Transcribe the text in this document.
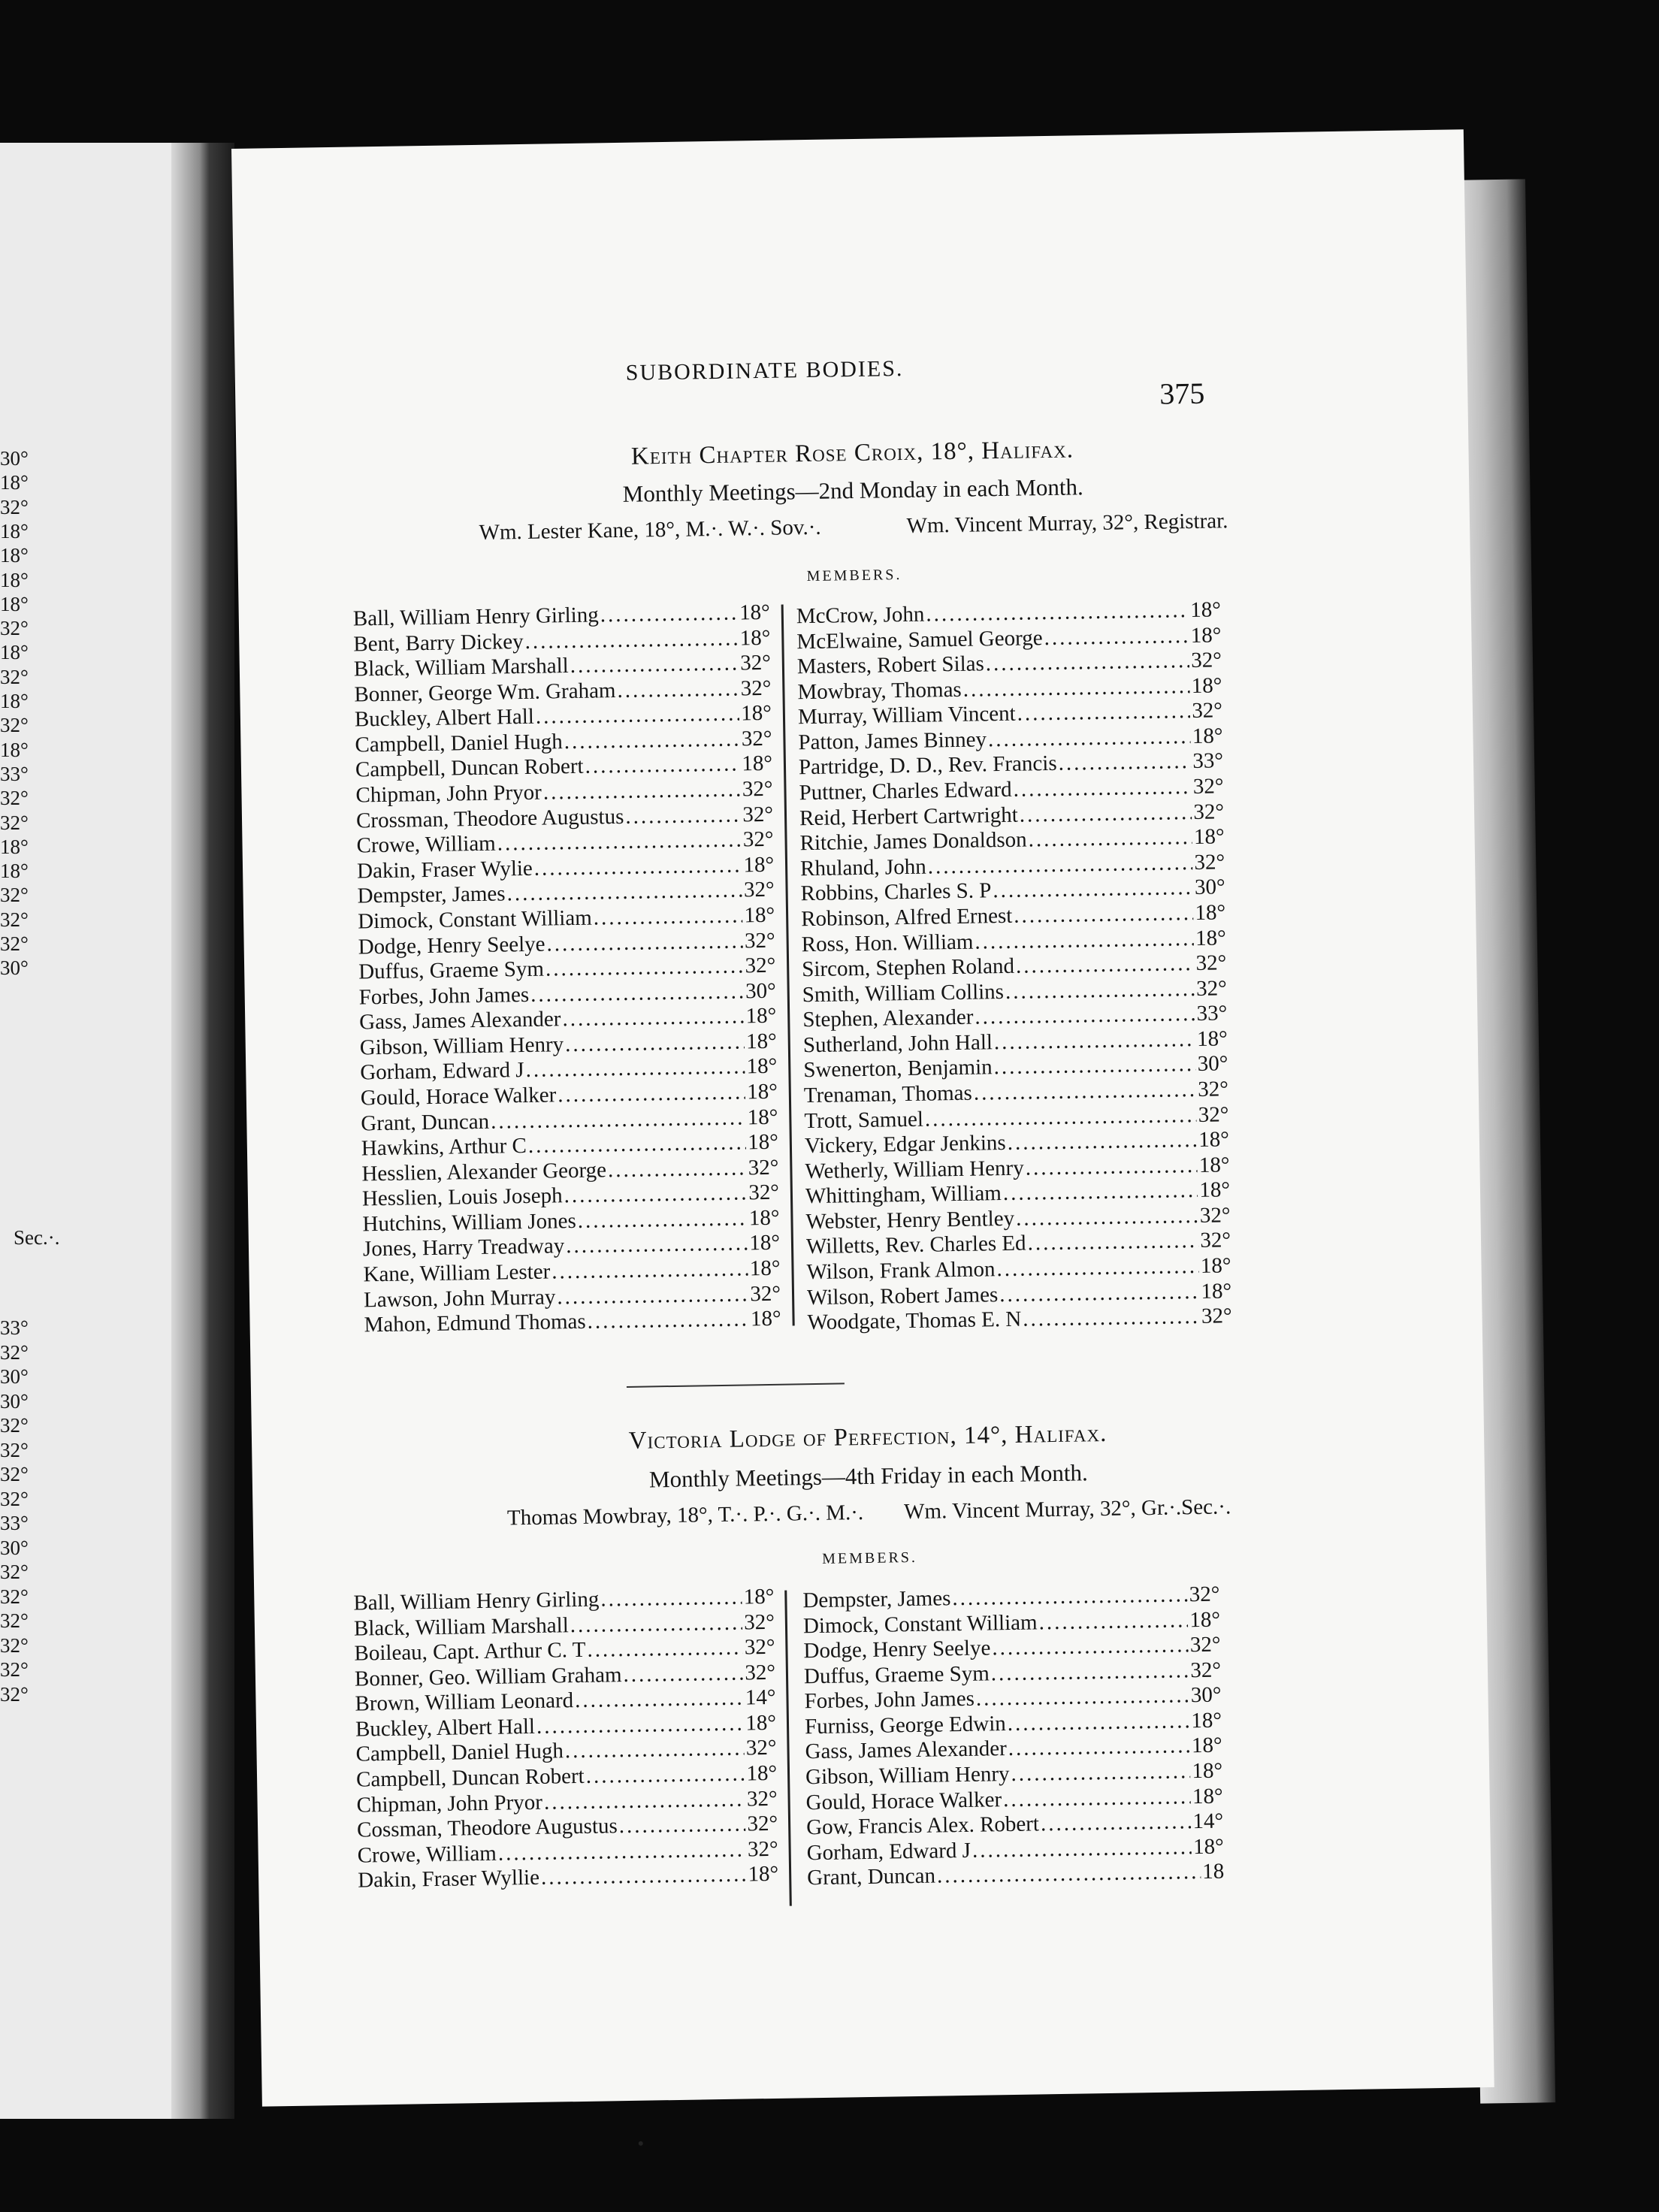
30°
18°
32°
18°
18°
18°
18°
32°
18°
32°
18°
32°
18°
33°
32°
32°
18°
18°
32°
32°
32°
30°
Sec.·.
33°
32°
30°
30°
32°
32°
32°
32°
33°
30°
32°
32°
32°
32°
32°
32°
SUBORDINATE BODIES.
375
Keith Chapter Rose Croix, 18°, Halifax.
Monthly Meetings—2nd Monday in each Month.
Wm. Lester Kane, 18°, M.·. W.·. Sov.·.	Wm. Vincent Murray, 32°, Registrar.
MEMBERS.
Ball, William Henry Girling .....	18°
Bent, Barry Dickey .....	18°
Black, William Marshall .....	32°
Bonner, George Wm. Graham .....	32°
Buckley, Albert Hall .....	18°
Campbell, Daniel Hugh .....	32°
Campbell, Duncan Robert .....	18°
Chipman, John Pryor .....	32°
Crossman, Theodore Augustus .....	32°
Crowe, William .....	32°
Dakin, Fraser Wylie .....	18°
Dempster, James .....	32°
Dimock, Constant William .....	18°
Dodge, Henry Seelye .....	32°
Duffus, Graeme Sym .....	32°
Forbes, John James .....	30°
Gass, James Alexander .....	18°
Gibson, William Henry .....	18°
Gorham, Edward J .....	18°
Gould, Horace Walker .....	18°
Grant, Duncan .....	18°
Hawkins, Arthur C .....	18°
Hesslien, Alexander George .....	32°
Hesslien, Louis Joseph .....	32°
Hutchins, William Jones .....	18°
Jones, Harry Treadway .....	18°
Kane, William Lester .....	18°
Lawson, John Murray .....	32°
Mahon, Edmund Thomas .....	18°
McCrow, John .....	18°
McElwaine, Samuel George .....	18°
Masters, Robert Silas .....	32°
Mowbray, Thomas .....	18°
Murray, William Vincent .....	32°
Patton, James Binney .....	18°
Partridge, D. D., Rev. Francis .....	33°
Puttner, Charles Edward .....	32°
Reid, Herbert Cartwright .....	32°
Ritchie, James Donaldson .....	18°
Rhuland, John .....	32°
Robbins, Charles S. P .....	30°
Robinson, Alfred Ernest .....	18°
Ross, Hon. William .....	18°
Sircom, Stephen Roland .....	32°
Smith, William Collins .....	32°
Stephen, Alexander .....	33°
Sutherland, John Hall .....	18°
Swenerton, Benjamin .....	30°
Trenaman, Thomas .....	32°
Trott, Samuel .....	32°
Vickery, Edgar Jenkins .....	18°
Wetherly, William Henry .....	18°
Whittingham, William .....	18°
Webster, Henry Bentley .....	32°
Willetts, Rev. Charles Ed .....	32°
Wilson, Frank Almon .....	18°
Wilson, Robert James .....	18°
Woodgate, Thomas E. N .....	32°
Victoria Lodge of Perfection, 14°, Halifax.
Monthly Meetings—4th Friday in each Month.
Thomas Mowbray, 18°, T.·. P.·. G.·. M.·. Wm. Vincent Murray, 32°, Gr.·.Sec.·.
MEMBERS.
Ball, William Henry Girling .....	18°
Black, William Marshall .....	32°
Boileau, Capt. Arthur C. T .....	32°
Bonner, Geo. William Graham .....	32°
Brown, William Leonard .....	14°
Buckley, Albert Hall .....	18°
Campbell, Daniel Hugh .....	32°
Campbell, Duncan Robert .....	18°
Chipman, John Pryor .....	32°
Cossman, Theodore Augustus .....	32°
Crowe, William .....	32°
Dakin, Fraser Wyllie .....	18°
Dempster, James .....	32°
Dimock, Constant William .....	18°
Dodge, Henry Seelye .....	32°
Duffus, Graeme Sym .....	32°
Forbes, John James .....	30°
Furniss, George Edwin .....	18°
Gass, James Alexander .....	18°
Gibson, William Henry .....	18°
Gould, Horace Walker .....	18°
Gow, Francis Alex. Robert .....	14°
Gorham, Edward J .....	18°
Grant, Duncan .....	18
